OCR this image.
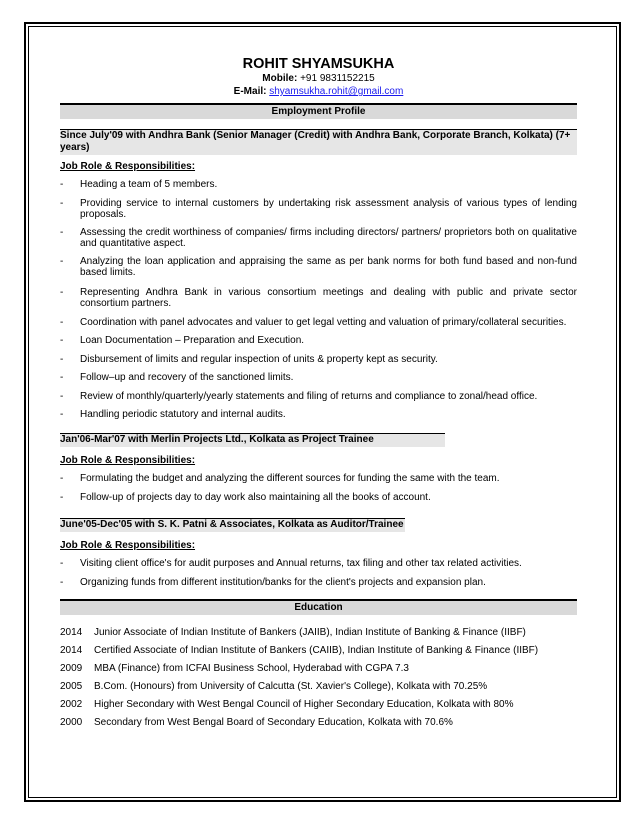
ROHIT SHYAMSUKHA
Mobile: +91 9831152215
E-Mail: shyamsukha.rohit@gmail.com
Employment Profile
Since July'09 with Andhra Bank (Senior Manager (Credit) with Andhra Bank, Corporate Branch, Kolkata) (7+ years)
Job Role & Responsibilities:
- Heading a team of 5 members.
- Providing service to internal customers by undertaking risk assessment analysis of various types of lending proposals.
- Assessing the credit worthiness of companies/ firms including directors/ partners/ proprietors both on qualitative and quantitative aspect.
- Analyzing the loan application and appraising the same as per bank norms for both fund based and non-fund based limits.
- Representing Andhra Bank in various consortium meetings and dealing with public and private sector consortium partners.
- Coordination with panel advocates and valuer to get legal vetting and valuation of primary/collateral securities.
- Loan Documentation – Preparation and Execution.
- Disbursement of limits and regular inspection of units & property kept as security.
- Follow–up and recovery of the sanctioned limits.
- Review of monthly/quarterly/yearly statements and filing of returns and compliance to zonal/head office.
- Handling periodic statutory and internal audits.
Jan'06-Mar'07 with Merlin Projects Ltd., Kolkata as Project Trainee
Job Role & Responsibilities:
- Formulating the budget and analyzing the different sources for funding the same with the team.
- Follow-up of projects day to day work also maintaining all the books of account.
June'05-Dec'05 with S. K. Patni & Associates, Kolkata as Auditor/Trainee
Job Role & Responsibilities:
- Visiting client office's for audit purposes and Annual returns, tax filing and other tax related activities.
- Organizing funds from different institution/banks for the client's projects and expansion plan.
Education
2014	Junior Associate of Indian Institute of Bankers (JAIIB), Indian Institute of Banking & Finance (IIBF)
2014	Certified Associate of Indian Institute of Bankers (CAIIB), Indian Institute of Banking & Finance (IIBF)
2009	MBA (Finance) from ICFAI Business School, Hyderabad with CGPA 7.3
2005	B.Com. (Honours) from University of Calcutta (St. Xavier's College), Kolkata with 70.25%
2002	Higher Secondary with West Bengal Council of Higher Secondary Education, Kolkata with 80%
2000	Secondary from West Bengal Board of Secondary Education, Kolkata with 70.6%
